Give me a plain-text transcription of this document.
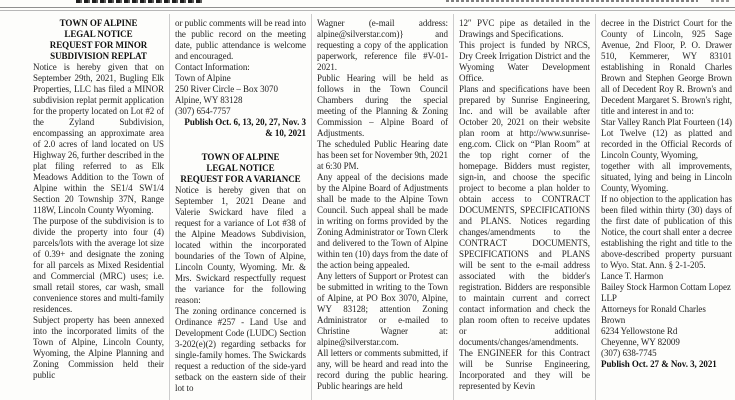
TOWN OF ALPINE
LEGAL NOTICE
REQUEST FOR MINOR
SUBDIVISION REPLAT
Notice is hereby given that on September 29th, 2021, Bugling Elk Properties, LLC has filed a MINOR subdivision replat permit application for the property located on Lot #2 of the Zyland Subdivision, encompassing an approximate area of 2.0 acres of land located on US Highway 26, further described in the plat filing referred to as Elk Meadows Addition to the Town of Alpine within the SE1/4 SW1/4 Section 20 Township 37N, Range 118W, Lincoln County Wyoming.
The purpose of the subdivision is to divide the property into four (4) parcels/lots with the average lot size of 0.39+ and designate the zoning for all parcels as Mixed Residential and Commercial (MRC) uses; i.e. small retail stores, car wash, small convenience stores and multi-family residences.
Subject property has been annexed into the incorporated limits of the Town of Alpine, Lincoln County, Wyoming, the Alpine Planning and Zoning Commission held their public
or public comments will be read into the public record on the meeting date, public attendance is welcome and encouraged.
Contact Information:
Town of Alpine
250 River Circle – Box 3070
Alpine, WY 83128
(307) 654-7757
Publish Oct. 6, 13, 20, 27, Nov. 3 & 10, 2021
TOWN OF ALPINE
LEGAL NOTICE
REQUEST FOR A VARIANCE
Notice is hereby given that on September 1, 2021 Deane and Valerie Swickard have filed a request for a variance of Lot #38 of the Alpine Meadows Subdivision, located within the incorporated boundaries of the Town of Alpine, Lincoln County, Wyoming. Mr. & Mrs. Swickard respectfully request the variance for the following reason:
The zoning ordinance concerned is Ordinance #257 - Land Use and Development Code (LUDC) Section 3-202(e)(2) regarding setbacks for single-family homes. The Swickards request a reduction of the side-yard setback on the eastern side of their lot to
Wagner (e-mail address: alpine@silverstar.com)} and requesting a copy of the application paperwork, reference file #V-01-2021.
Public Hearing will be held as follows in the Town Council Chambers during the special meeting of the Planning & Zoning Commission – Alpine Board of Adjustments.
The scheduled Public Hearing date has been set for November 9th, 2021 at 6:30 PM.
Any appeal of the decisions made by the Alpine Board of Adjustments shall be made to the Alpine Town Council. Such appeal shall be made in writing on forms provided by the Zoning Administrator or Town Clerk and delivered to the Town of Alpine within ten (10) days from the date of the action being appealed.
Any letters of Support or Protest can be submitted in writing to the Town of Alpine, at PO Box 3070, Alpine, WY 83128; attention Zoning Administrator or e-mailed to Christine Wagner at: alpine@silverstar.com.
All letters or comments submitted, if any, will be heard and read into the record during the public hearing. Public hearings are held
12″ PVC pipe as detailed in the Drawings and Specifications.
This project is funded by NRCS, Dry Creek Irrigation District and the Wyoming Water Development Office.
Plans and specifications have been prepared by Sunrise Engineering, Inc. and will be available after October 20, 2021 on their website plan room at http://www.sunrise-eng.com. Click on “Plan Room” at the top right corner of the homepage. Bidders must register, sign-in, and choose the specific project to become a plan holder to obtain access to CONTRACT DOCUMENTS, SPECIFICATIONS and PLANS. Notices regarding changes/amendments to the CONTRACT DOCUMENTS, SPECIFICATIONS and PLANS will be sent to the e-mail address associated with the bidder's registration. Bidders are responsible to maintain current and correct contact information and check the plan room often to receive updates or additional documents/changes/amendments. The ENGINEER for this Contract will be Sunrise Engineering, Incorporated and they will be represented by Kevin
decree in the District Court for the County of Lincoln, 925 Sage Avenue, 2nd Floor, P. O. Drawer 510, Kemmerer, WY 83101 establishing in Ronald Charles Brown and Stephen George Brown all of Decedent Roy R. Brown's and Decedent Margaret S. Brown's right, title and interest in and to:
Star Valley Ranch Plat Fourteen (14) Lot Twelve (12) as platted and recorded in the Official Records of Lincoln County, Wyoming,
together with all improvements, situated, lying and being in Lincoln County, Wyoming.
If no objection to the application has been filed within thirty (30) days of the first date of publication of this Notice, the court shall enter a decree establishing the right and title to the above-described property pursuant to Wyo. Stat. Ann. § 2-1-205.
Lance T. Harmon
Bailey Stock Harmon Cottam Lopez LLP
Attorneys for Ronald Charles Brown
6234 Yellowstone Rd
Cheyenne, WY 82009
(307) 638-7745
Publish Oct. 27 & Nov. 3, 2021
